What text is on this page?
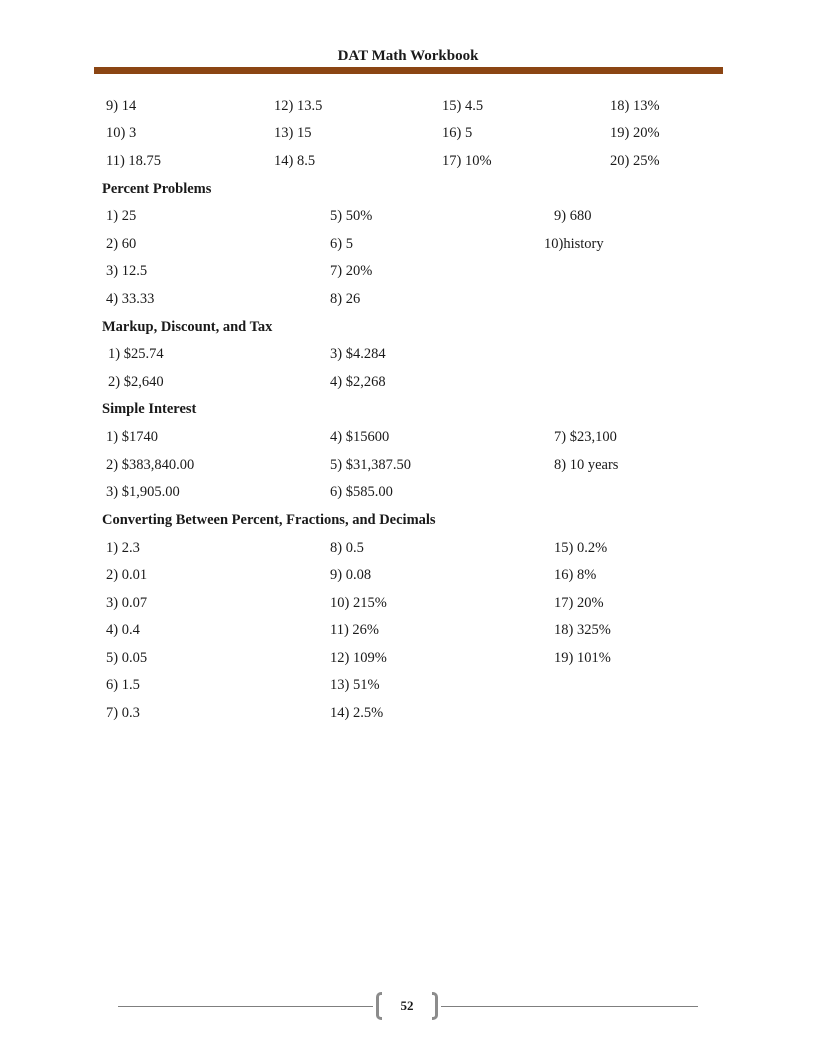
DAT Math Workbook
9) 14
10) 3
11) 18.75
12) 13.5
13) 15
14) 8.5
15) 4.5
16) 5
17) 10%
18) 13%
19) 20%
20) 25%
Percent Problems
1) 25
2) 60
3) 12.5
4) 33.33
5) 50%
6) 5
7) 20%
8) 26
9) 680
10)history
Markup, Discount, and Tax
1) $25.74
2) $2,640
3) $4.284
4) $2,268
Simple Interest
1) $1740
2) $383,840.00
3) $1,905.00
4) $15600
5) $31,387.50
6) $585.00
7) $23,100
8) 10 years
Converting Between Percent, Fractions, and Decimals
1) 2.3
2) 0.01
3) 0.07
4) 0.4
5) 0.05
6) 1.5
7) 0.3
8) 0.5
9) 0.08
10) 215%
11) 26%
12) 109%
13) 51%
14) 2.5%
15) 0.2%
16) 8%
17) 20%
18) 325%
19) 101%
52
